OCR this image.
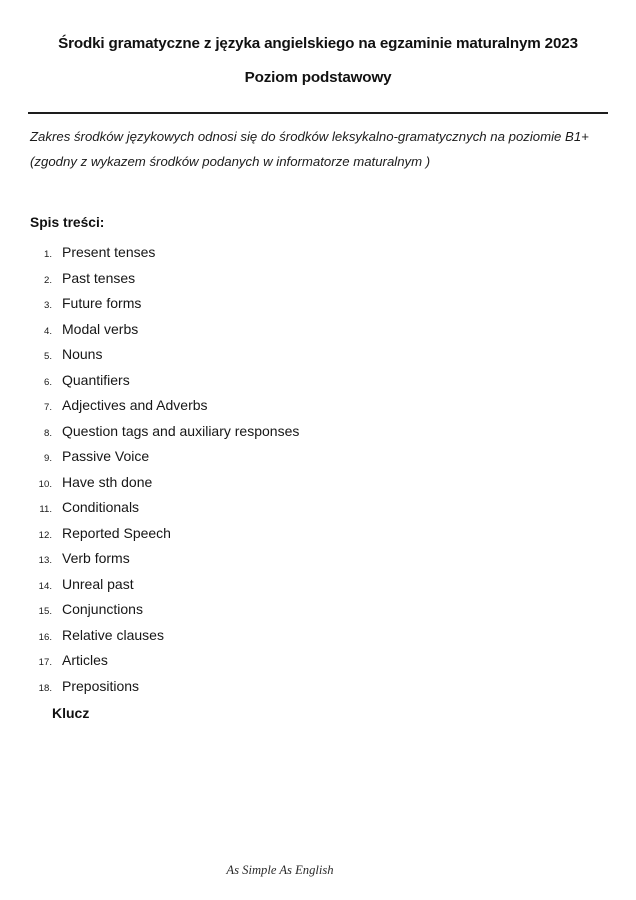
Środki gramatyczne z języka angielskiego na egzaminie maturalnym 2023
Poziom podstawowy
Zakres środków językowych odnosi się do środków leksykalno-gramatycznych na poziomie B1+
(zgodny z wykazem środków podanych w informatorze maturalnym )
Spis treści:
1. Present tenses
2. Past tenses
3. Future forms
4. Modal verbs
5. Nouns
6. Quantifiers
7. Adjectives and Adverbs
8. Question tags and auxiliary responses
9. Passive Voice
10. Have sth done
11. Conditionals
12. Reported Speech
13. Verb forms
14. Unreal past
15. Conjunctions
16. Relative clauses
17. Articles
18. Prepositions
Klucz
As Simple As English
